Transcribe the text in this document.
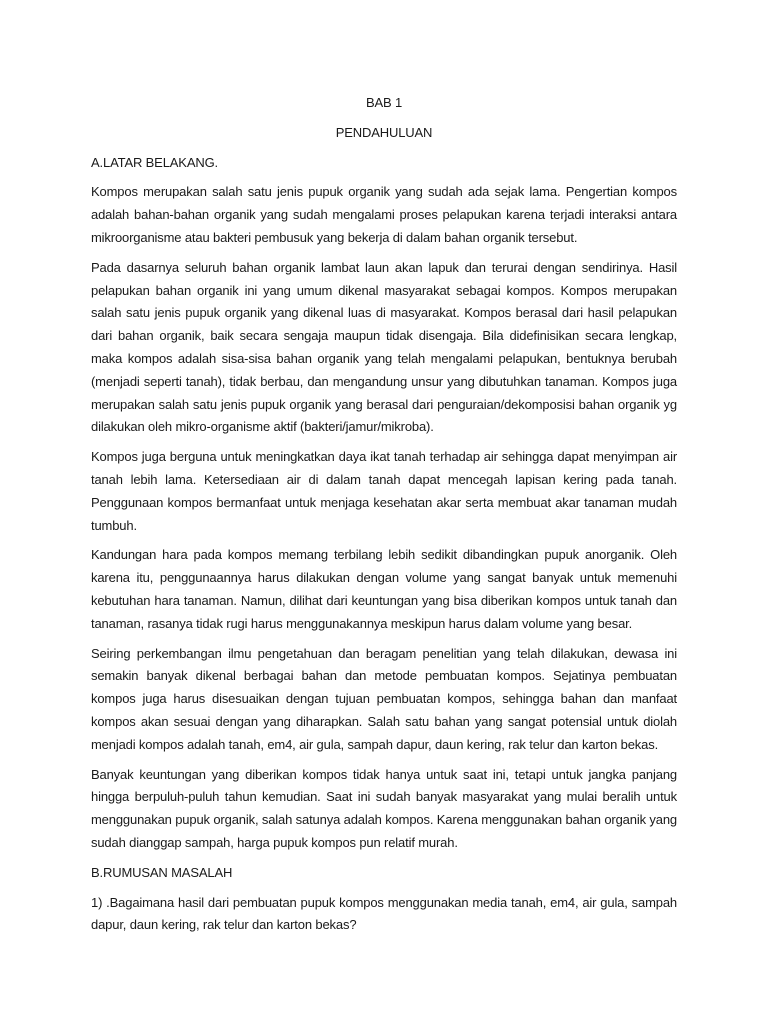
BAB 1

PENDAHULUAN

A.LATAR BELAKANG.

Kompos merupakan salah satu jenis pupuk organik yang sudah ada sejak lama. Pengertian kompos adalah bahan-bahan organik yang sudah mengalami proses pelapukan karena terjadi interaksi antara mikroorganisme atau bakteri pembusuk yang bekerja di dalam bahan organik tersebut.

Pada dasarnya seluruh bahan organik lambat laun akan lapuk dan terurai dengan sendirinya. Hasil pelapukan bahan organik ini yang umum dikenal masyarakat sebagai kompos. Kompos merupakan salah satu jenis pupuk organik yang dikenal luas di masyarakat. Kompos berasal dari hasil pelapukan dari bahan organik, baik secara sengaja maupun tidak disengaja. Bila didefinisikan secara lengkap, maka kompos adalah sisa-sisa bahan organik yang telah mengalami pelapukan, bentuknya berubah (menjadi seperti tanah), tidak berbau, dan mengandung unsur yang dibutuhkan tanaman. Kompos juga merupakan salah satu jenis pupuk organik yang berasal dari penguraian/dekomposisi bahan organik yg dilakukan oleh mikro-organisme aktif (bakteri/jamur/mikroba).

Kompos juga berguna untuk meningkatkan daya ikat tanah terhadap air sehingga dapat menyimpan air tanah lebih lama. Ketersediaan air di dalam tanah dapat mencegah lapisan kering pada tanah. Penggunaan kompos bermanfaat untuk menjaga kesehatan akar serta membuat akar tanaman mudah tumbuh.

Kandungan hara pada kompos memang terbilang lebih sedikit dibandingkan pupuk anorganik. Oleh karena itu, penggunaannya harus dilakukan dengan volume yang sangat banyak untuk memenuhi kebutuhan hara tanaman. Namun, dilihat dari keuntungan yang bisa diberikan kompos untuk tanah dan tanaman, rasanya tidak rugi harus menggunakannya meskipun harus dalam volume yang besar.

Seiring perkembangan ilmu pengetahuan dan beragam penelitian yang telah dilakukan, dewasa ini semakin banyak dikenal berbagai bahan dan metode pembuatan kompos. Sejatinya pembuatan kompos juga harus disesuaikan dengan tujuan pembuatan kompos, sehingga bahan dan manfaat kompos akan sesuai dengan yang diharapkan. Salah satu bahan yang sangat potensial untuk diolah menjadi kompos adalah tanah, em4, air gula, sampah dapur, daun kering, rak telur dan karton bekas.

Banyak keuntungan yang diberikan kompos tidak hanya untuk saat ini, tetapi untuk jangka panjang hingga berpuluh-puluh tahun kemudian. Saat ini sudah banyak masyarakat yang mulai beralih untuk menggunakan pupuk organik, salah satunya adalah kompos. Karena menggunakan bahan organik yang sudah dianggap sampah, harga pupuk kompos pun relatif murah.

B.RUMUSAN MASALAH

1) .Bagaimana hasil dari pembuatan pupuk kompos menggunakan media tanah, em4, air gula, sampah dapur, daun kering, rak telur dan karton bekas?
